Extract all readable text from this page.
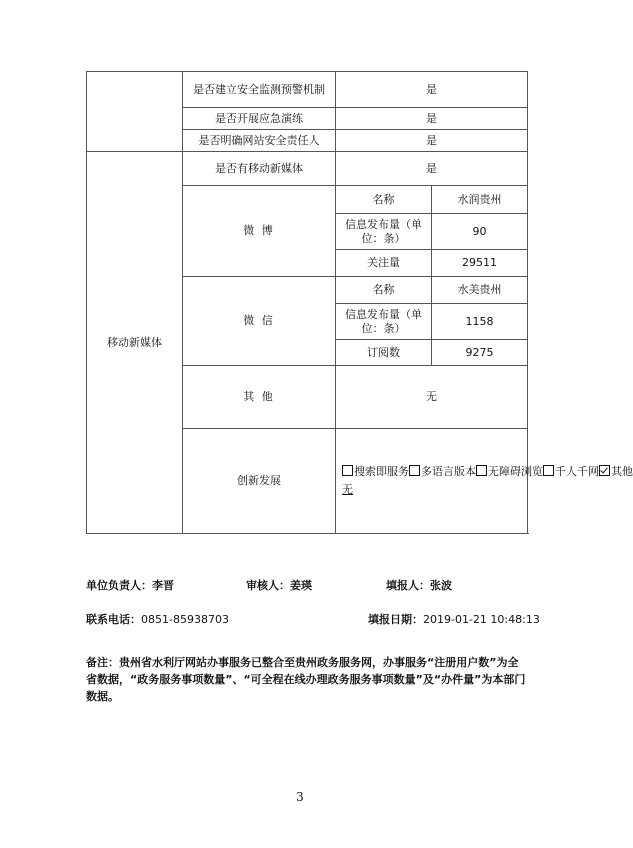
	是否建立安全监测预警机制	是	
	是否开展应急演练	是	
	是否明确网站安全责任人	是	
移动新媒体	是否有移动新媒体	是	
	微 博	名称	水润贵州
		信息发布量（单位：条）	90
		关注量	29511
	微 信	名称	水美贵州
		信息发布量（单位：条）	1158
		订阅数	9275
	其 他	无	
	创新发展	搜索即服务 多语言版本 无障碍浏览 千人千网 其他
无	
单位负责人：李晋	审核人：姜瑛	填报人：张波
联系电话：0851-85938703	填报日期：2019-01-21 10:48:13
备注：贵州省水利厅网站办事服务已整合至贵州政务服务网，办事服务“注册用户数”为全省数据，“政务服务事项数量”、“可全程在线办理政务服务事项数量”及“办件量”为本部门数据。
3
